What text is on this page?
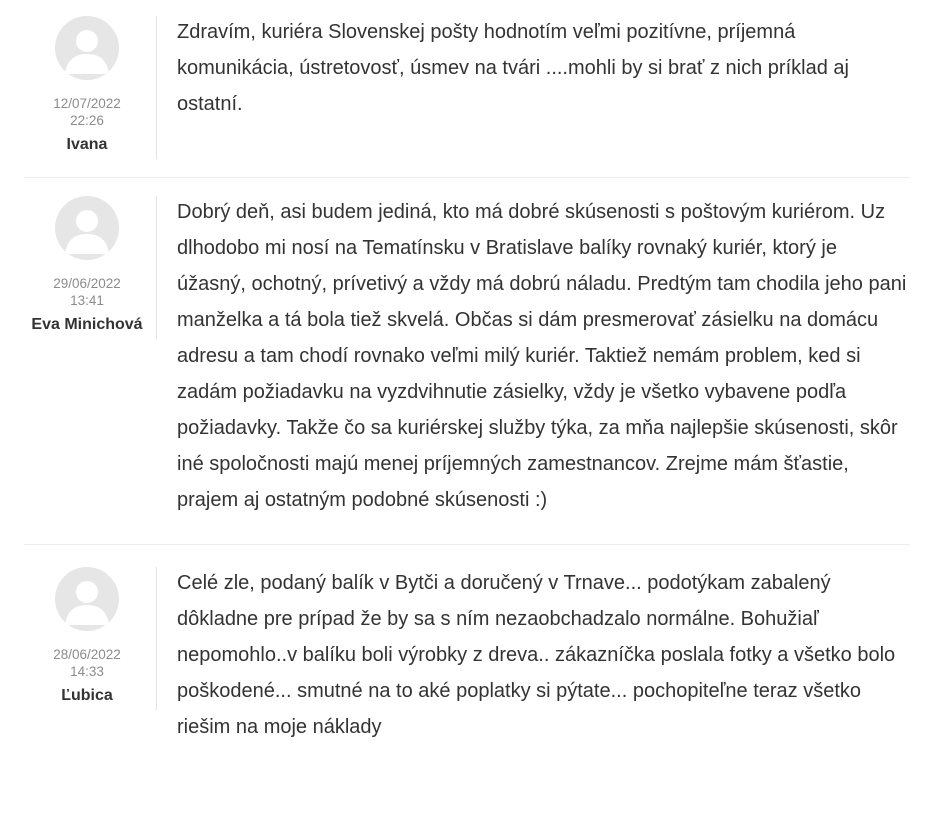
12/07/2022
22:26
Ivana
Zdravím, kuriéra Slovenskej pošty hodnotím veľmi pozitívne, príjemná komunikácia, ústretovosť, úsmev na tvári ....mohli by si brať z nich príklad aj ostatní.
29/06/2022
13:41
Eva Minichová
Dobrý deň, asi budem jediná, kto má dobré skúsenosti s poštovým kuriérom. Uz dlhodobo mi nosí na Tematínsku v Bratislave balíky rovnaký kuriér, ktorý je úžasný, ochotný, prívetivý a vždy má dobrú náladu. Predtým tam chodila jeho pani manželka a tá bola tiež skvelá. Občas si dám presmerovať zásielku na domácu adresu a tam chodí rovnako veľmi milý kuriér. Taktiež nemám problem, ked si zadám požiadavku na vyzdvihnutie zásielky, vždy je všetko vybavene podľa požiadavky. Takže čo sa kuriérskej služby týka, za mňa najlepšie skúsenosti, skôr iné spoločnosti majú menej príjemných zamestnancov. Zrejme mám šťastie, prajem aj ostatným podobné skúsenosti :)
28/06/2022
14:33
Ľubica
Celé zle, podaný balík v Bytči a doručený v Trnave... podotýkam zabalený dôkladne pre prípad že by sa s ním nezaobchadzalo normálne. Bohužiaľ nepomohlo..v balíku boli výrobky z dreva.. zákazníčka poslala fotky a všetko bolo poškodené... smutné na to aké poplatky si pýtate... pochopiteľne teraz všetko riešim na moje náklady
